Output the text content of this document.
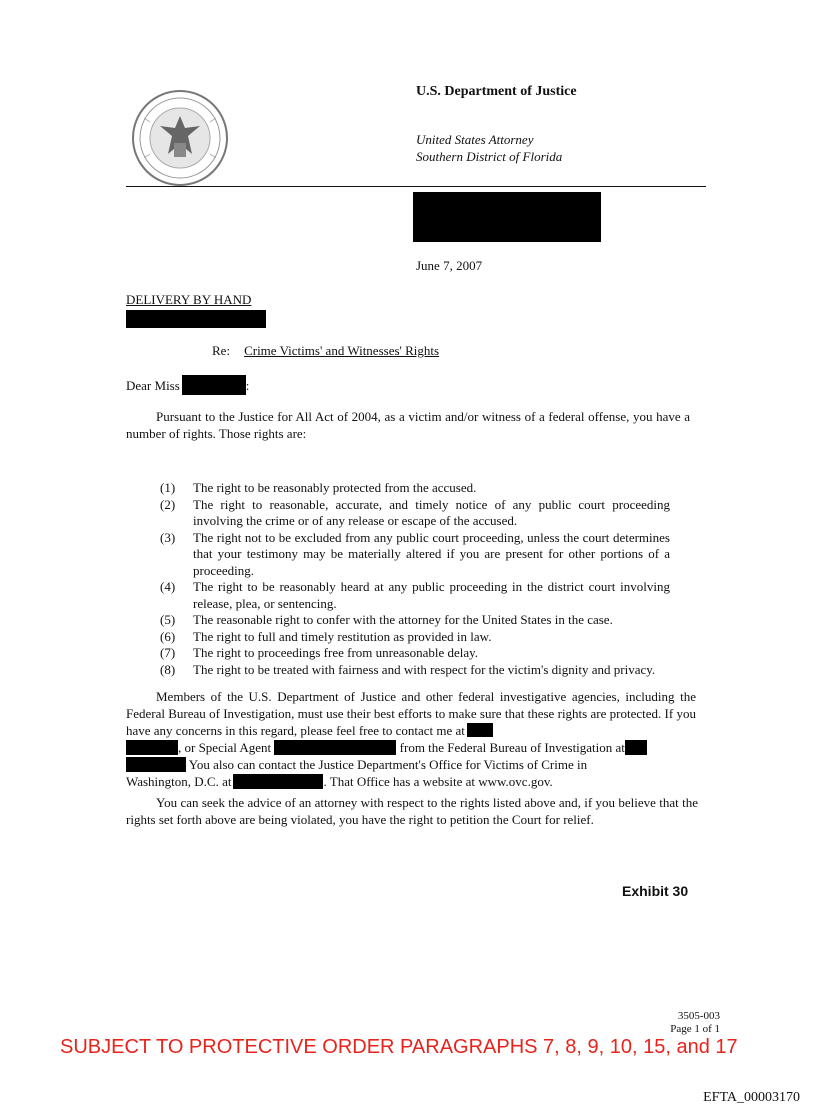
U.S. Department of Justice
United States Attorney
Southern District of Florida
June 7, 2007
DELIVERY BY HAND
Re: Crime Victims' and Witnesses' Rights
Dear Miss	:

Pursuant to the Justice for All Act of 2004, as a victim and/or witness of a federal offense, you have a number of rights. Those rights are:

(1)	The right to be reasonably protected from the accused.
(2)	The right to reasonable, accurate, and timely notice of any public court proceeding involving the crime or of any release or escape of the accused.
(3)	The right not to be excluded from any public court proceeding, unless the court determines that your testimony may be materially altered if you are present for other portions of a proceeding.
(4)	The right to be reasonably heard at any public proceeding in the district court involving release, plea, or sentencing.
(5)	The reasonable right to confer with the attorney for the United States in the case.
(6)	The right to full and timely restitution as provided in law.
(7)	The right to proceedings free from unreasonable delay.
(8)	The right to be treated with fairness and with respect for the victim's dignity and privacy.
Members of the U.S. Department of Justice and other federal investigative agencies, including the Federal Bureau of Investigation, must use their best efforts to make sure that these rights are protected. If you have any concerns in this regard, please feel free to contact me at
, or Special Agent	from the Federal Bureau of Investigation at
You also can contact the Justice Department's Office for Victims of Crime in
Washington, D.C. at	. That Office has a website at www.ovc.gov.

You can seek the advice of an attorney with respect to the rights listed above and, if you believe that the rights set forth above are being violated, you have the right to petition the Court for relief.

Exhibit 30
3505-003
Page 1 of 1
SUBJECT TO PROTECTIVE ORDER PARAGRAPHS 7, 8, 9, 10, 15, and 17
EFTA_00003170
